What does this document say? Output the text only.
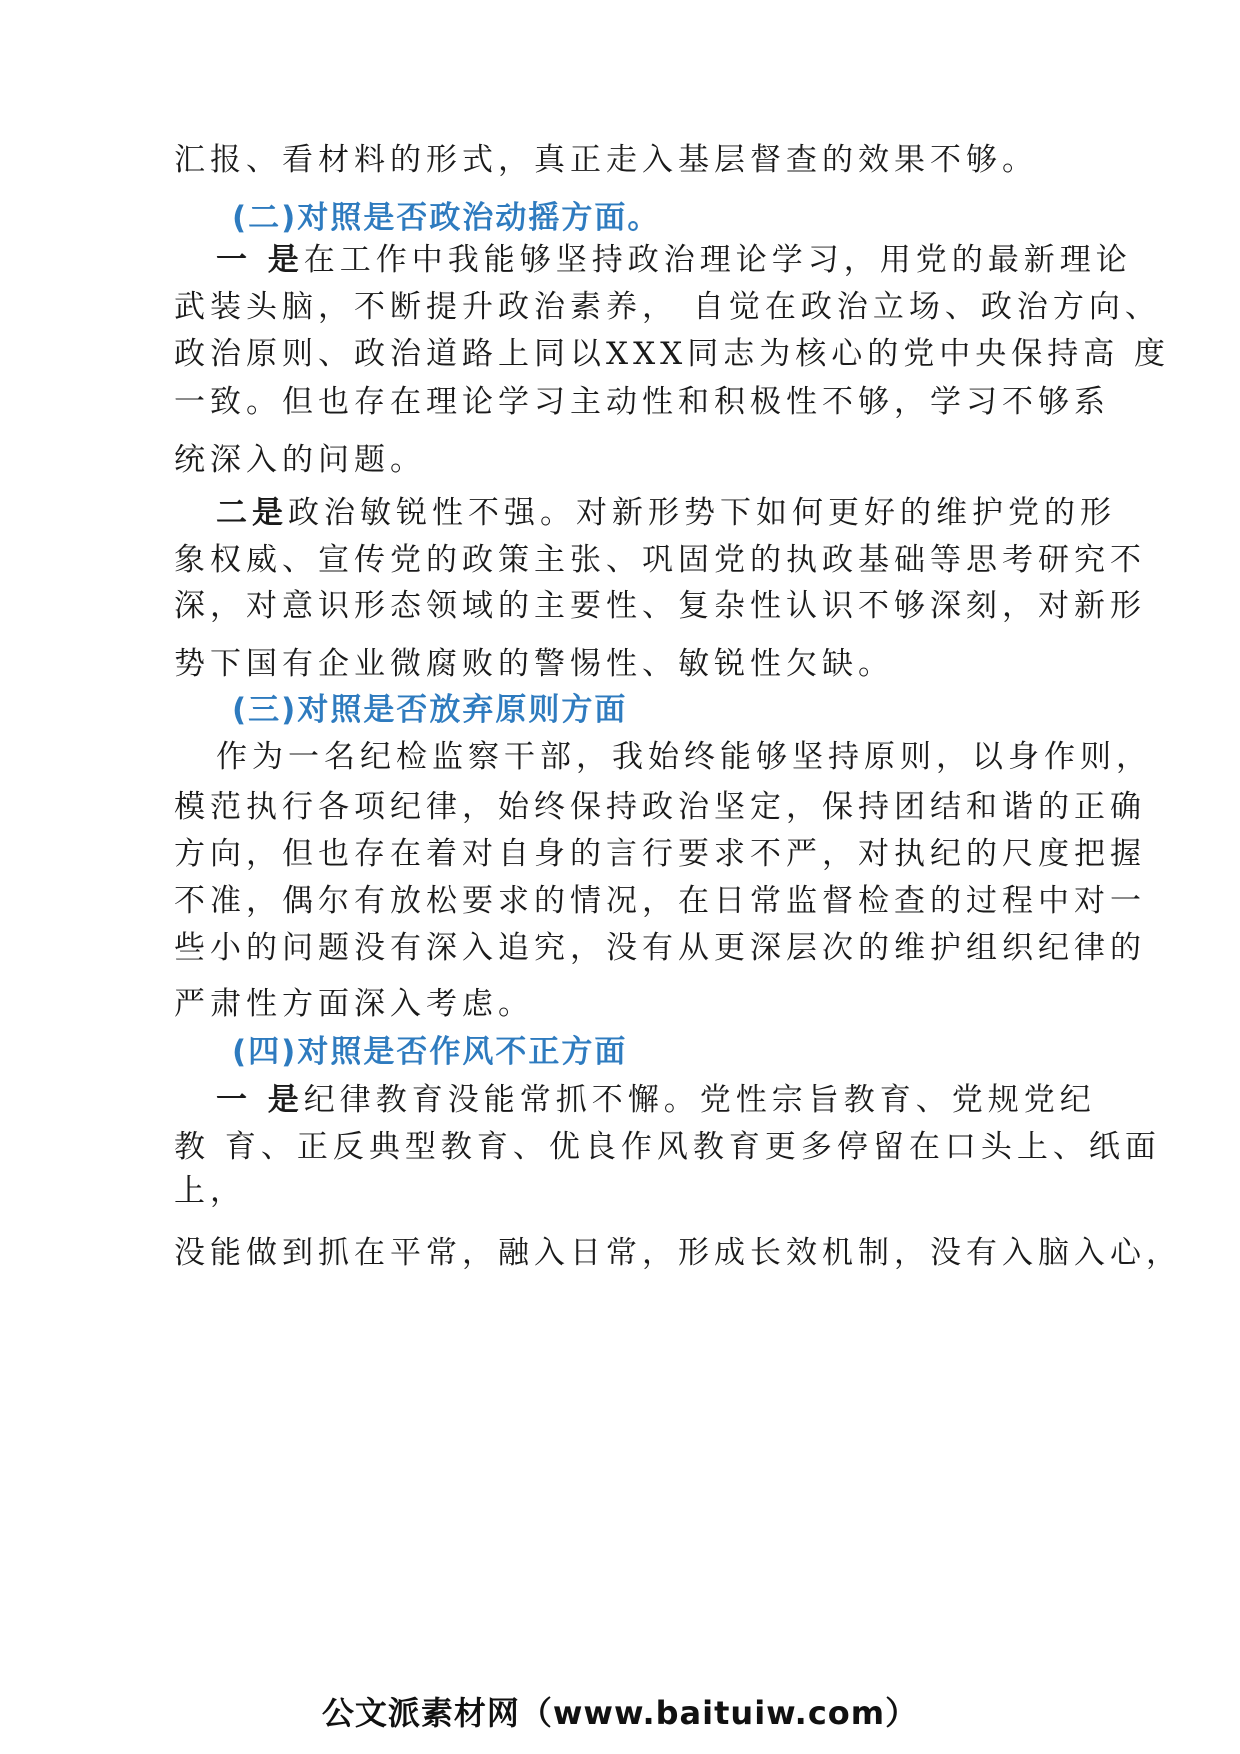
汇报、看材料的形式，真正走入基层督查的效果不够。
(二)对照是否政治动摇方面。
一 是在工作中我能够坚持政治理论学习，用党的最新理论
武装头脑，不断提升政治素养， 自觉在政治立场、政治方向、
政治原则、政治道路上同以XXX同志为核心的党中央保持高 度
一致。但也存在理论学习主动性和积极性不够，学习不够系
统深入的问题。
二是政治敏锐性不强。对新形势下如何更好的维护党的形
象权威、宣传党的政策主张、巩固党的执政基础等思考研究不
深，对意识形态领域的主要性、复杂性认识不够深刻，对新形
势下国有企业微腐败的警惕性、敏锐性欠缺。
(三)对照是否放弃原则方面
作为一名纪检监察干部，我始终能够坚持原则，以身作则，
模范执行各项纪律，始终保持政治坚定，保持团结和谐的正确
方向，但也存在着对自身的言行要求不严，对执纪的尺度把握
不准，偶尔有放松要求的情况，在日常监督检查的过程中对一
些小的问题没有深入追究，没有从更深层次的维护组织纪律的
严肃性方面深入考虑。
(四)对照是否作风不正方面
一 是纪律教育没能常抓不懈。党性宗旨教育、党规党纪
教 育、正反典型教育、优良作风教育更多停留在口头上、纸面
上，
没能做到抓在平常，融入日常，形成长效机制，没有入脑入心，
公文派素材网（www.baituiw.com）
